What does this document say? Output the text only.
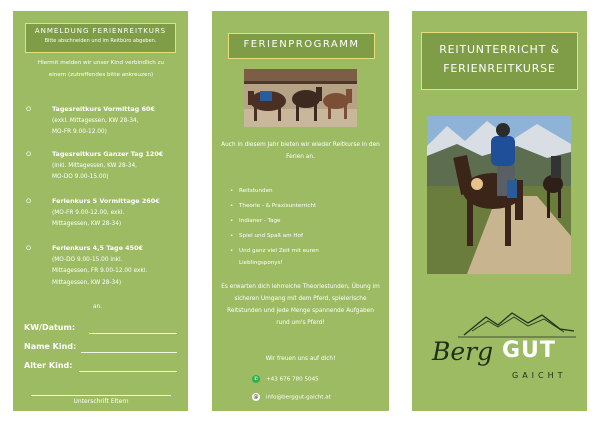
ANMELDUNG FERIENREITKURS
Bitte abschneiden und im Reitbüro abgeben.
Hiermit melden wir unser Kind verbindlich zu einem (zutreffendes bitte ankreuzen)
O	Tagesreitkurs Vormittag 60€
(exkl. Mittagessen, KW 28-34,
MO-FR 9.00-12.00)
O	Tagesreitkurs Ganzer Tag 120€
(inkl. Mittagessen, KW 28-34,
MO-DO 9.00-15.00)
O	Ferienkurs 5 Vormittage 260€
(MO-FR 9.00-12.00, exkl.
Mittagessen, KW 28-34)
O	Ferienkurs 4,5 Tage 450€
(MO-DO 9.00-15.00 inkl.
Mittagessen, FR 9.00-12.00 exkl.
Mittagessen, KW 28-34)
an.
KW/Datum:
Name Kind:
Alter Kind:
Unterschrift Eltern
FERIENPROGRAMM
Auch in diesem Jahr bieten wir wieder Reitkurse in den Ferien an.
• Reitstunden
• Theorie - & Praxisunterricht
• Indianer - Tage
• Spiel und Spaß am Hof
• Und ganz viel Zeit mit euren Lieblingsponys!
Es erwarten dich lehrreiche Theoriestunden, Übung im sicheren Umgang mit dem Pferd, spielerische Reitstunden und jede Menge spannende Aufgaben rund um's Pferd!
Wir freuen uns auf dich!
✆ +43 676 780 5045
@ info@berggut-gaicht.at
REITUNTERRICHT & FERIENREITKURSE
Berg GUT
GAICHT
